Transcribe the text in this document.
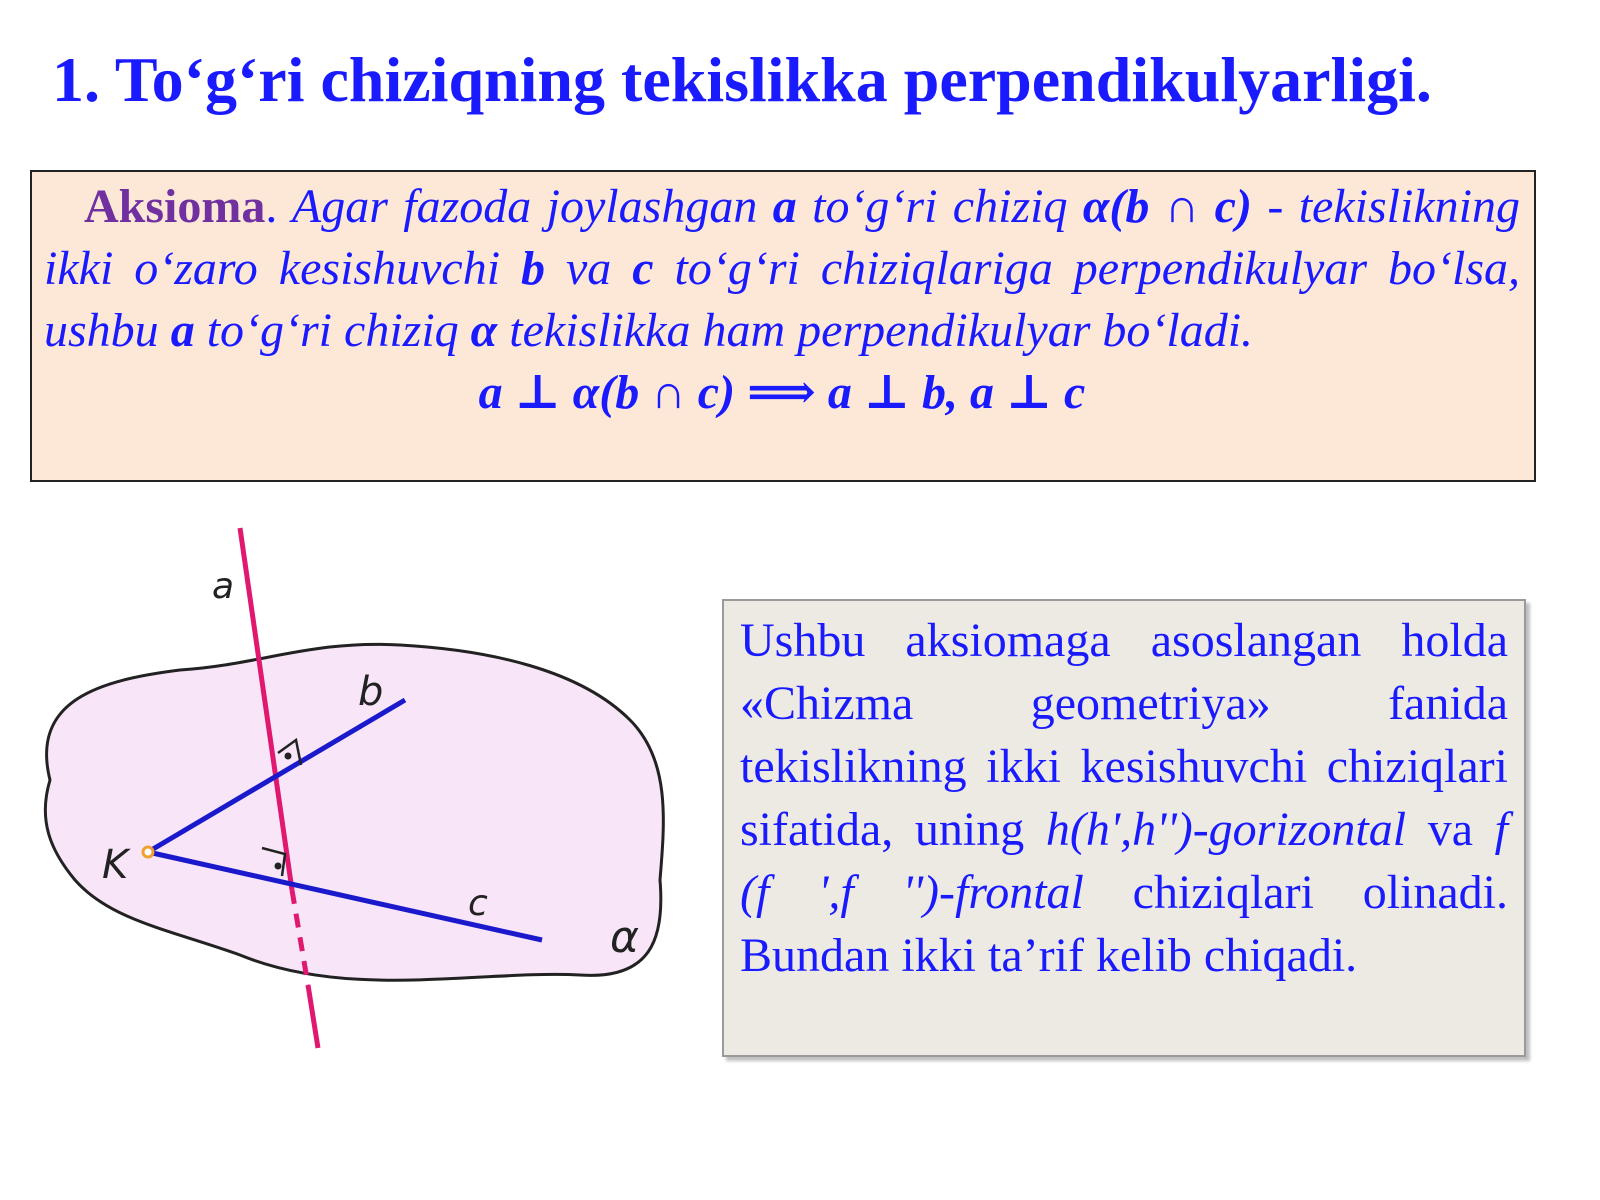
1. To‘g‘ri chiziqning tekislikka perpendikulyarligi.
Aksioma. Agar fazoda joylashgan a to‘g‘ri chiziq α(b ∩ c) - tekislikning ikki o‘zaro kesishuvchi b va c to‘g‘ri chiziqlariga perpendikulyar bo‘lsa, ushbu a to‘g‘ri chiziq α tekislikka ham perpendikulyar bo‘ladi.
a ⊥ α(b ∩ c) ⟹ a ⊥ b, a ⊥ c
a
b
c
K
α
Ushbu aksiomaga asoslangan holda «Chizma geometriya» fanida tekislikning ikki kesishuvchi chiziqlari sifatida, uning h(h',h'')-gorizontal va f (f ',f '')-frontal chiziqlari olinadi. Bundan ikki ta’rif kelib chiqadi.
